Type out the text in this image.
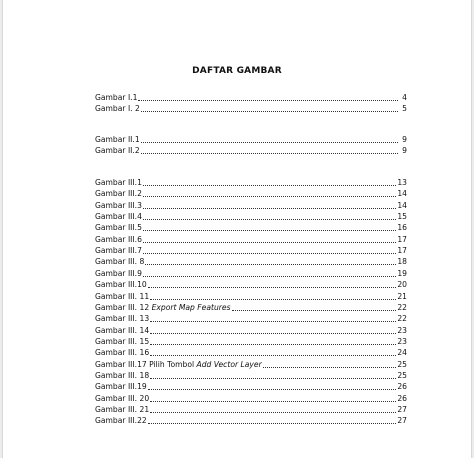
DAFTAR GAMBAR
Gambar I.1	4
Gambar I. 2	5
Gambar II.1	9
Gambar II.2	9
Gambar III.1	13
Gambar III.2	14
Gambar III.3	14
Gambar III.4	15
Gambar III.5	16
Gambar III.6	17
Gambar III.7	17
Gambar III. 8	18
Gambar III.9	19
Gambar III.10	20
Gambar III. 11	21
Gambar III. 12 Export Map Features	22
Gambar III. 13	22
Gambar III. 14	23
Gambar III. 15	23
Gambar III. 16	24
Gambar III.17 Pilih Tombol Add Vector Layer	25
Gambar III. 18	25
Gambar III.19	26
Gambar III. 20	26
Gambar III. 21	27
Gambar III.22	27
